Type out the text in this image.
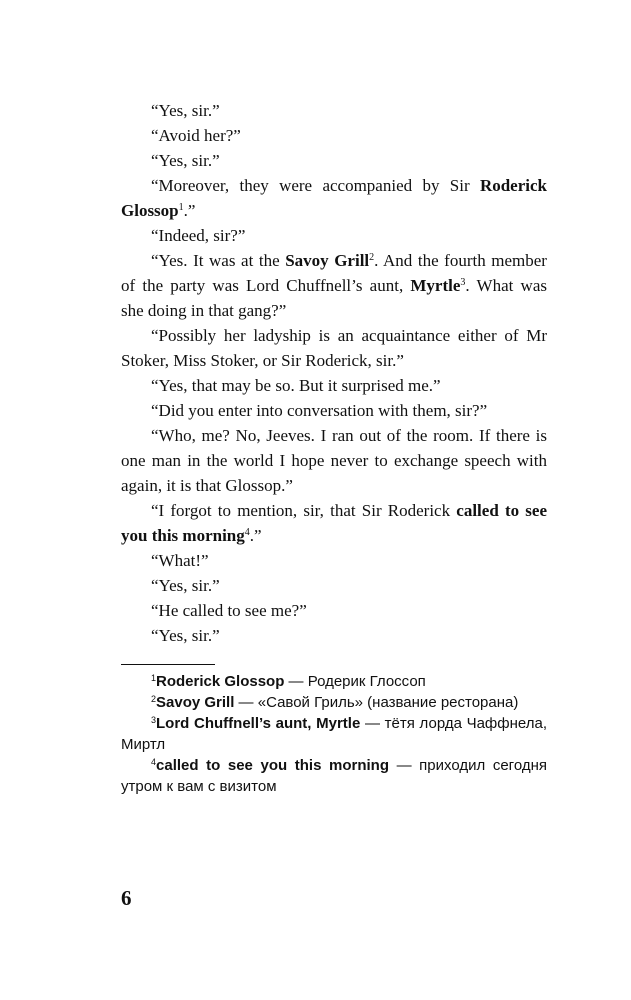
“Yes, sir.”

“Avoid her?”

“Yes, sir.”

“Moreover, they were accompanied by Sir Roderick Glossop$^1$.”

“Indeed, sir?”

“Yes. It was at the Savoy Grill$^2$. And the fourth member of the party was Lord Chuffnell’s aunt, Myrtle$^3$. What was she doing in that gang?”

“Possibly her ladyship is an acquaintance either of Mr Stoker, Miss Stoker, or Sir Roderick, sir.”

“Yes, that may be so. But it surprised me.”

“Did you enter into conversation with them, sir?”

“Who, me? No, Jeeves. I ran out of the room. If there is one man in the world I hope never to exchange speech with again, it is that Glossop.”

“I forgot to mention, sir, that Sir Roderick called to see you this morning$^4$.”

“What!”

“Yes, sir.”

“He called to see me?”

“Yes, sir.”

$^1$Roderick Glossop — Родерик Глоссоп

$^2$Savoy Grill — «Савой Гриль» (название ресторана)

$^3$Lord Chuffnell’s aunt, Myrtle — тётя лорда Чаффнела, Миртл

$^4$called to see you this morning — приходил сегодня утром к вам с визитом

6
